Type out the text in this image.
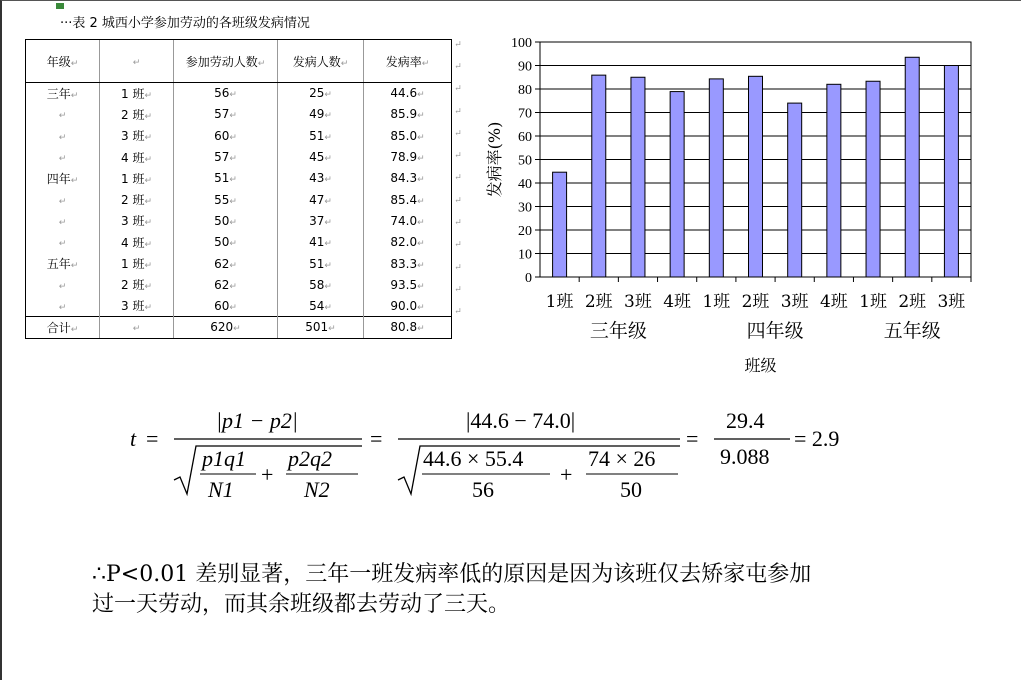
···表 2 城西小学参加劳动的各班级发病情况
年级↵	↵	参加劳动人数↵	发病人数↵	发病率↵
三年↵	1 班↵	56↵	25↵	44.6↵
↵	2 班↵	57↵	49↵	85.9↵
↵	3 班↵	60↵	51↵	85.0↵
↵	4 班↵	57↵	45↵	78.9↵
四年↵	1 班↵	51↵	43↵	84.3↵
↵	2 班↵	55↵	47↵	85.4↵
↵	3 班↵	50↵	37↵	74.0↵
↵	4 班↵	50↵	41↵	82.0↵
五年↵	1 班↵	62↵	51↵	83.3↵
↵	2 班↵	62↵	58↵	93.5↵
↵	3 班↵	60↵	54↵	90.0↵
合计↵	↵	620↵	501↵	80.8↵
↵
↵
↵
↵
↵
↵
↵
↵
↵
↵
↵
↵
↵
0
10
20
30
40
50
60
70
80
90
100
1班 2班 3班 4班 1班 2班 3班 4班 1班 2班 3班
三年级	四年级	五年级
班级
发病率(%)
t =
|p1 − p2|
p1q1
N1
+
p2q2
N2
=
|44.6 − 74.0|
44.6 × 55.4
56
+
74 × 26
50
=
29.4
9.088
= 2.9
∴P<0.01 差别显著，三年一班发病率低的原因是因为该班仅去矫家屯参加
过一天劳动，而其余班级都去劳动了三天。
